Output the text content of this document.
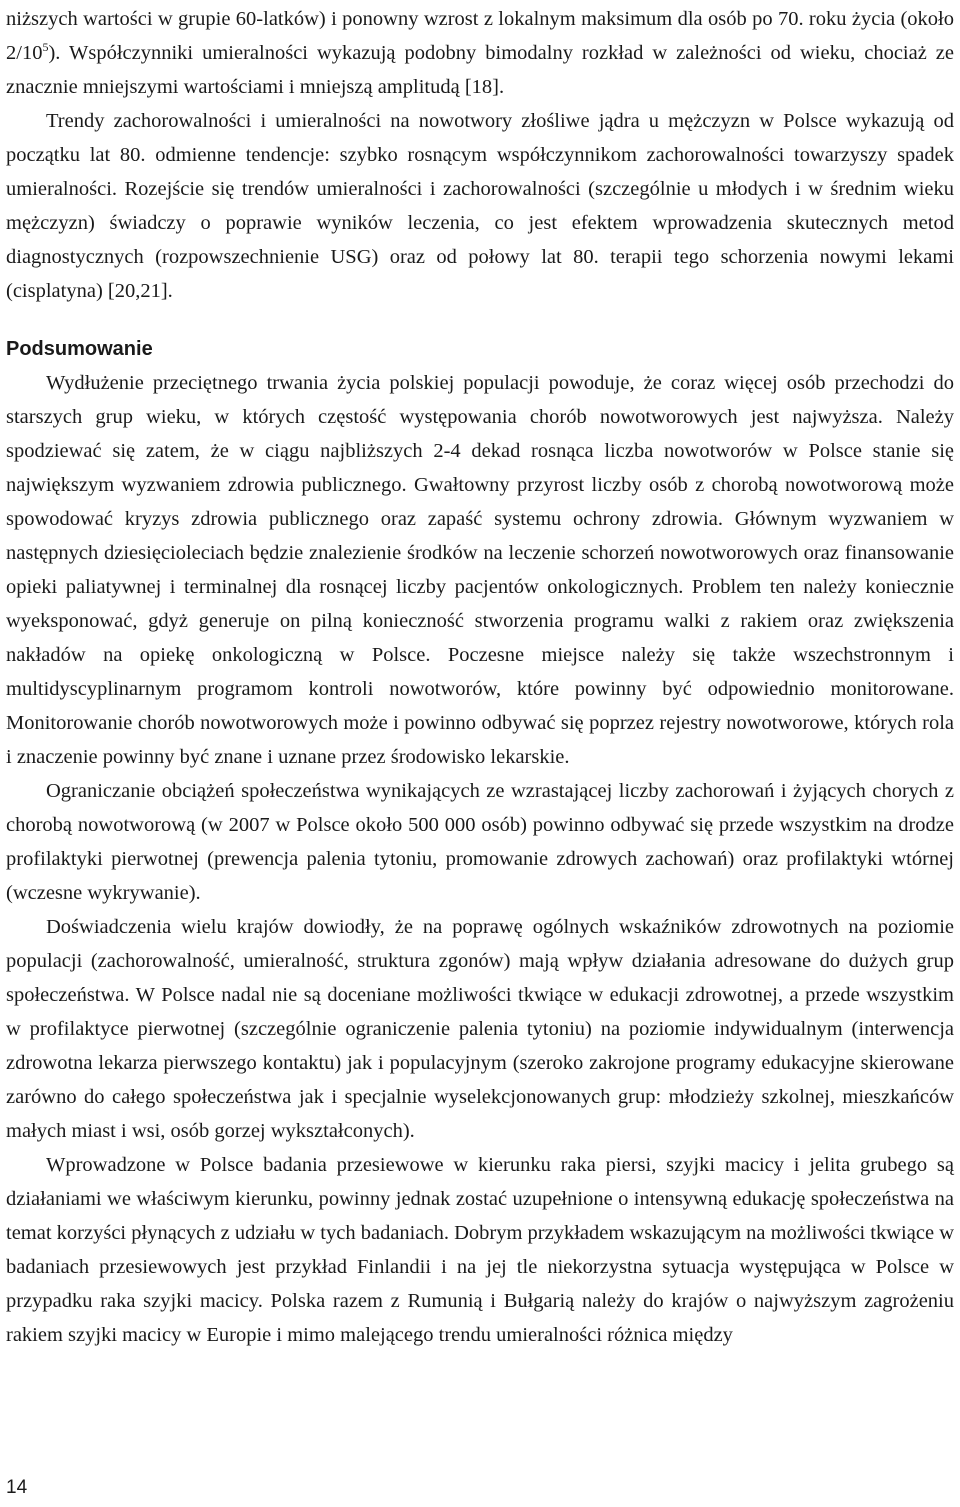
niższych wartości w grupie 60-latków) i ponowny wzrost z lokalnym maksimum dla osób po 70. roku życia (około $2/10^5$). Współczynniki umieralności wykazują podobny bimodalny rozkład w zależności od wieku, chociaż ze znacznie mniejszymi wartościami i mniejszą amplitudą [18].

Trendy zachorowalności i umieralności na nowotwory złośliwe jądra u mężczyzn w Polsce wykazują od początku lat 80. odmienne tendencje: szybko rosnącym współczynnikom zachorowalności towarzyszy spadek umieralności. Rozejście się trendów umieralności i zachorowalności (szczególnie u młodych i w średnim wieku mężczyzn) świadczy o poprawie wyników leczenia, co jest efektem wprowadzenia skutecznych metod diagnostycznych (rozpowszechnienie USG) oraz od połowy lat 80. terapii tego schorzenia nowymi lekami (cisplatyna) [20,21].

Podsumowanie

Wydłużenie przeciętnego trwania życia polskiej populacji powoduje, że coraz więcej osób przechodzi do starszych grup wieku, w których częstość występowania chorób nowotworowych jest najwyższa. Należy spodziewać się zatem, że w ciągu najbliższych 2-4 dekad rosnąca liczba nowotworów w Polsce stanie się największym wyzwaniem zdrowia publicznego. Gwałtowny przyrost liczby osób z chorobą nowotworową może spowodować kryzys zdrowia publicznego oraz zapaść systemu ochrony zdrowia. Głównym wyzwaniem w następnych dziesięcioleciach będzie znalezienie środków na leczenie schorzeń nowotworowych oraz finansowanie opieki paliatywnej i terminalnej dla rosnącej liczby pacjentów onkologicznych. Problem ten należy koniecznie wyeksponować, gdyż generuje on pilną konieczność stworzenia programu walki z rakiem oraz zwiększenia nakładów na opiekę onkologiczną w Polsce. Poczesne miejsce należy się także wszechstronnym i multidyscyplinarnym programom kontroli nowotworów, które powinny być odpowiednio monitorowane. Monitorowanie chorób nowotworowych może i powinno odbywać się poprzez rejestry nowotworowe, których rola i znaczenie powinny być znane i uznane przez środowisko lekarskie.

Ograniczanie obciążeń społeczeństwa wynikających ze wzrastającej liczby zachorowań i żyjących chorych z chorobą nowotworową (w 2007 w Polsce około 500 000 osób) powinno odbywać się przede wszystkim na drodze profilaktyki pierwotnej (prewencja palenia tytoniu, promowanie zdrowych zachowań) oraz profilaktyki wtórnej (wczesne wykrywanie).

Doświadczenia wielu krajów dowiodły, że na poprawę ogólnych wskaźników zdrowotnych na poziomie populacji (zachorowalność, umieralność, struktura zgonów) mają wpływ działania adresowane do dużych grup społeczeństwa. W Polsce nadal nie są doceniane możliwości tkwiące w edukacji zdrowotnej, a przede wszystkim w profilaktyce pierwotnej (szczególnie ograniczenie palenia tytoniu) na poziomie indywidualnym (interwencja zdrowotna lekarza pierwszego kontaktu) jak i populacyjnym (szeroko zakrojone programy edukacyjne skierowane zarówno do całego społeczeństwa jak i specjalnie wyselekcjonowanych grup: młodzieży szkolnej, mieszkańców małych miast i wsi, osób gorzej wykształconych).

Wprowadzone w Polsce badania przesiewowe w kierunku raka piersi, szyjki macicy i jelita grubego są działaniami we właściwym kierunku, powinny jednak zostać uzupełnione o intensywną edukację społeczeństwa na temat korzyści płynących z udziału w tych badaniach. Dobrym przykładem wskazującym na możliwości tkwiące w badaniach przesiewowych jest przykład Finlandii i na jej tle niekorzystna sytuacja występująca w Polsce w przypadku raka szyjki macicy. Polska razem z Rumunią i Bułgarią należy do krajów o najwyższym zagrożeniu rakiem szyjki macicy w Europie i mimo malejącego trendu umieralności różnica między

14
